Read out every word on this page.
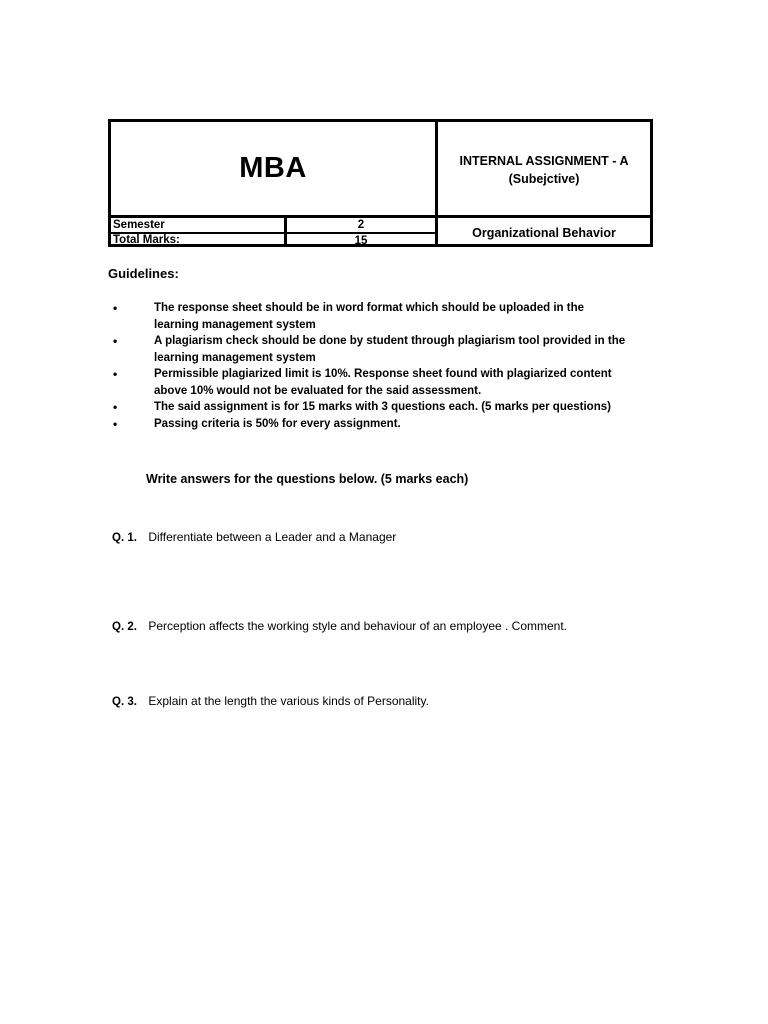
MBA	INTERNAL ASSIGNMENT - A
(Subejctive)
Semester	2
Total Marks:	15
Organizational Behavior
Guidelines:
•	The response sheet should be in word format which should be uploaded in the
learning management system
•	A plagiarism check should be done by student through plagiarism tool provided in the
learning management system
•	Permissible plagiarized limit is 10%. Response sheet found with plagiarized content
above 10% would not be evaluated for the said assessment.
•	The said assignment is for 15 marks with 3 questions each. (5 marks per questions)
•	Passing criteria is 50% for every assignment.
Write answers for the questions below. (5 marks each)
Q. 1. Differentiate between a Leader and a Manager
Q. 2. Perception affects the working style and behaviour of an employee . Comment.
Q. 3. Explain at the length the various kinds of Personality.
